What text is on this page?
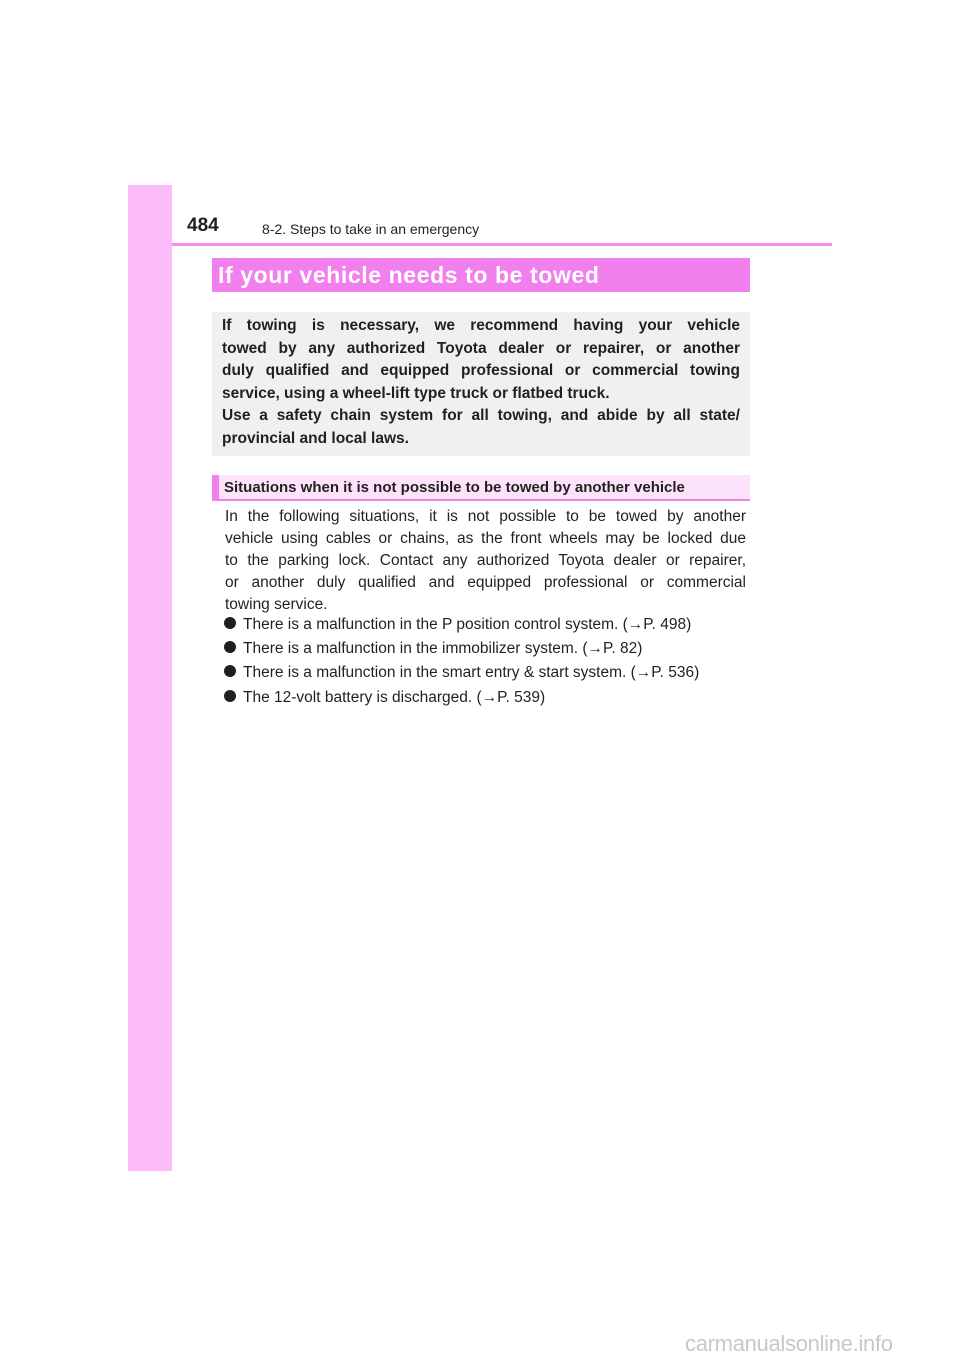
484	8-2. Steps to take in an emergency
If your vehicle needs to be towed

If towing is necessary, we recommend having your vehicle

towed by any authorized Toyota dealer or repairer, or another

duly qualified and equipped professional or commercial towing

service, using a wheel-lift type truck or flatbed truck.

Use a safety chain system for all towing, and abide by all state/

provincial and local laws.

Situations when it is not possible to be towed by another vehicle

In the following situations, it is not possible to be towed by another

vehicle using cables or chains, as the front wheels may be locked due

to the parking lock. Contact any authorized Toyota dealer or repairer,

or another duly qualified and equipped professional or commercial

towing service.

There is a malfunction in the P position control system. (→P. 498)
There is a malfunction in the immobilizer system. (→P. 82)
There is a malfunction in the smart entry & start system. (→P. 536)
The 12-volt battery is discharged. (→P. 539)
carmanualsonline.info
